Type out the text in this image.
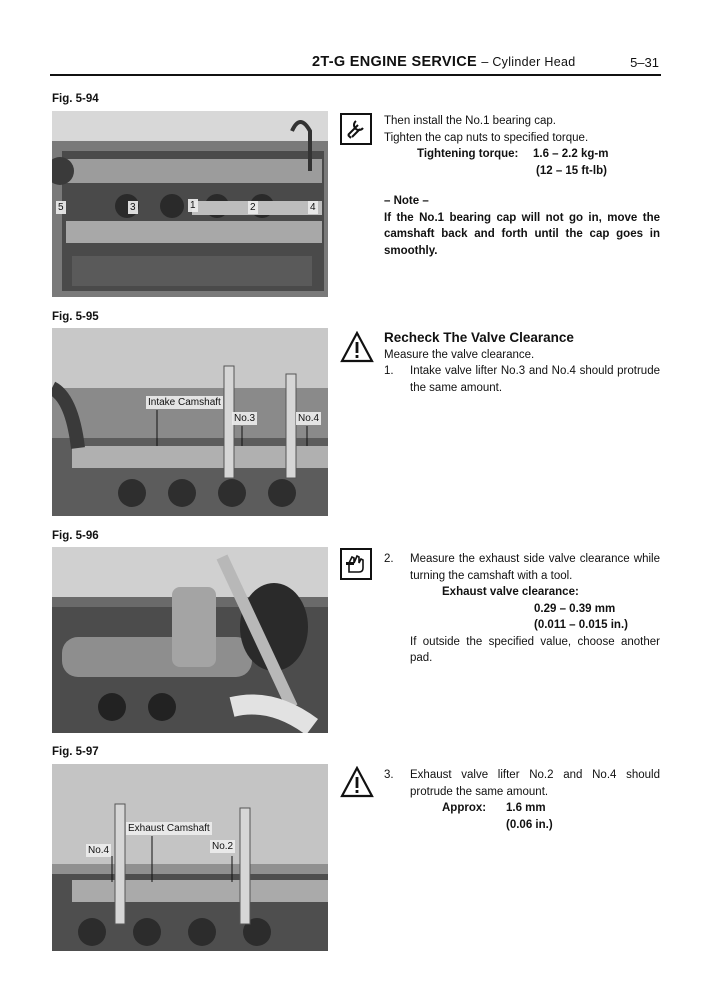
2T-G ENGINE SERVICE – Cylinder Head	5–31
Fig. 5-94
5	3	1	2	4
Then install the No.1 bearing cap.
Tighten the cap nuts to specified torque.
Tightening torque:	1.6 – 2.2 kg-m
(12 – 15 ft-lb)
– Note –
If the No.1 bearing cap will not go in, move the camshaft back and forth until the cap goes in smoothly.
Fig. 5-95
Intake Camshaft
No.3	No.4
Recheck The Valve Clearance
Measure the valve clearance.
1.	Intake valve lifter No.3 and No.4 should protrude the same amount.
Fig. 5-96
2.	Measure the exhaust side valve clearance while turning the camshaft with a tool.
Exhaust valve clearance:
0.29 – 0.39 mm
(0.011 – 0.015 in.)
If outside the specified value, choose another pad.
Fig. 5-97
Exhaust Camshaft
No.4	No.2
3.	Exhaust valve lifter No.2 and No.4 should protrude the same amount.
Approx:	1.6 mm
(0.06 in.)
